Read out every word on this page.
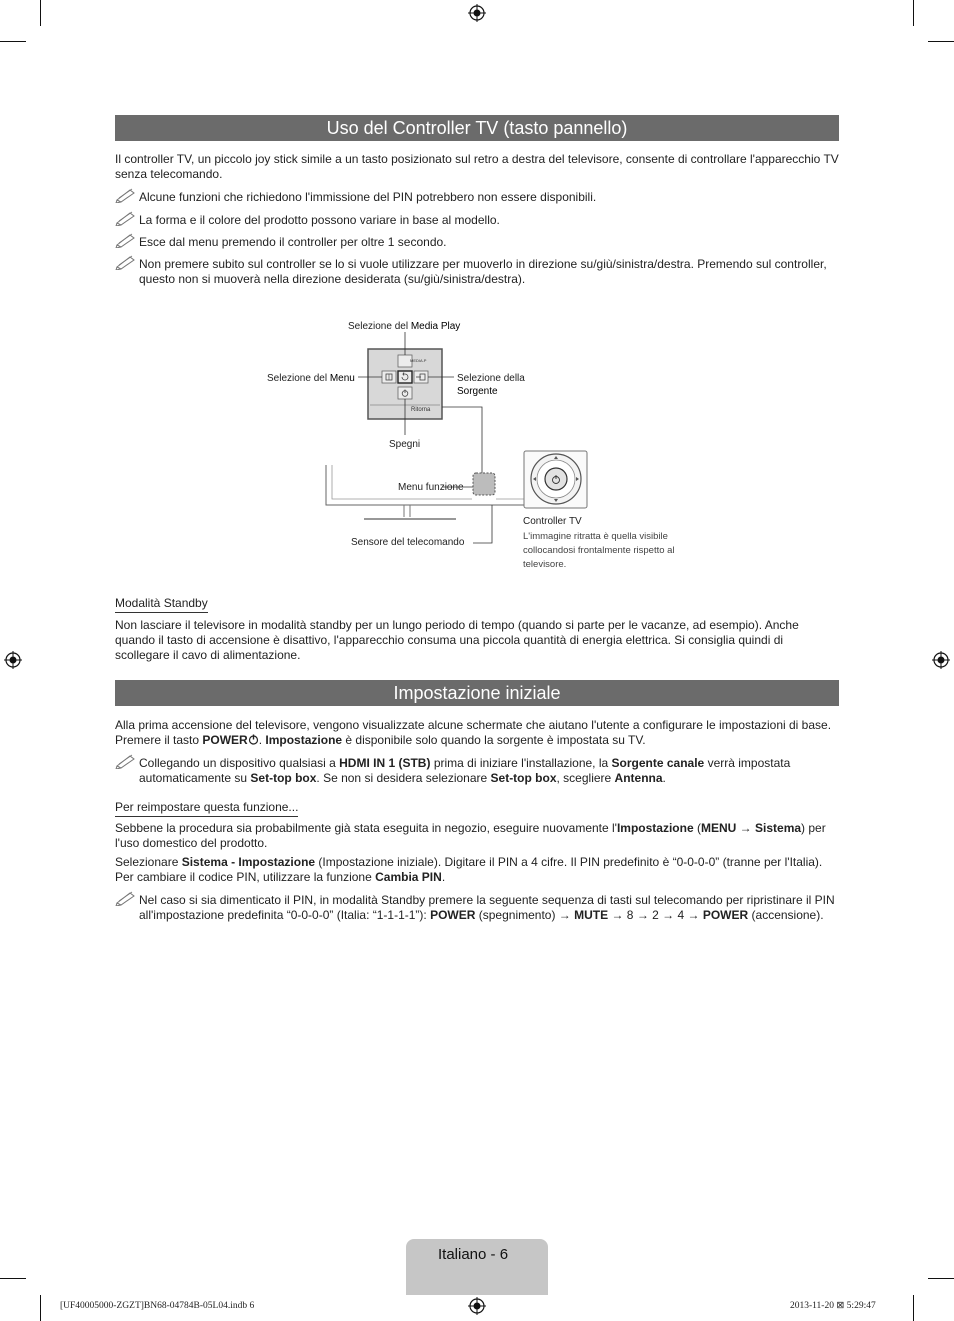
Uso del Controller TV (tasto pannello)
Il controller TV, un piccolo joy stick simile a un tasto posizionato sul retro a destra del televisore, consente di controllare l'apparecchio TV senza telecomando.
Alcune funzioni che richiedono l'immissione del PIN potrebbero non essere disponibili.
La forma e il colore del prodotto possono variare in base al modello.
Esce dal menu premendo il controller per oltre 1 secondo.
Non premere subito sul controller se lo si vuole utilizzare per muoverlo in direzione su/giù/sinistra/destra. Premendo sul controller, questo non si muoverà nella direzione desiderata (su/giù/sinistra/destra).
Selezione del Media Play
MEDIA.P
Selezione del Menu	Selezione della
Sorgente
Ritorna
Spegni
Menu funzione
Sensore del telecomando
Controller TV
L'immagine ritratta è quella visibile collocandosi frontalmente rispetto al televisore.
Modalità Standby
Non lasciare il televisore in modalità standby per un lungo periodo di tempo (quando si parte per le vacanze, ad esempio). Anche quando il tasto di accensione è disattivo, l'apparecchio consuma una piccola quantità di energia elettrica. Si consiglia quindi di scollegare il cavo di alimentazione.
Impostazione iniziale
Alla prima accensione del televisore, vengono visualizzate alcune schermate che aiutano l'utente a configurare le impostazioni di base. Premere il tasto POWER . Impostazione è disponibile solo quando la sorgente è impostata su TV.
Collegando un dispositivo qualsiasi a HDMI IN 1 (STB) prima di iniziare l'installazione, la Sorgente canale verrà impostata automaticamente su Set-top box. Se non si desidera selezionare Set-top box, scegliere Antenna.
Per reimpostare questa funzione...
Sebbene la procedura sia probabilmente già stata eseguita in negozio, eseguire nuovamente l'Impostazione (MENU → Sistema) per l'uso domestico del prodotto.
Selezionare Sistema - Impostazione (Impostazione iniziale). Digitare il PIN a 4 cifre. Il PIN predefinito è “0-0-0-0” (tranne per l'Italia). Per cambiare il codice PIN, utilizzare la funzione Cambia PIN.
Nel caso si sia dimenticato il PIN, in modalità Standby premere la seguente sequenza di tasti sul telecomando per ripristinare il PIN all'impostazione predefinita “0-0-0-0” (Italia: “1-1-1-1”): POWER (spegnimento) → MUTE → 8 → 2 → 4 → POWER (accensione).
Italiano - 6
[UF40005000-ZGZT]BN68-04784B-05L04.indb 6	2013-11-20 ⊠ 5:29:47
